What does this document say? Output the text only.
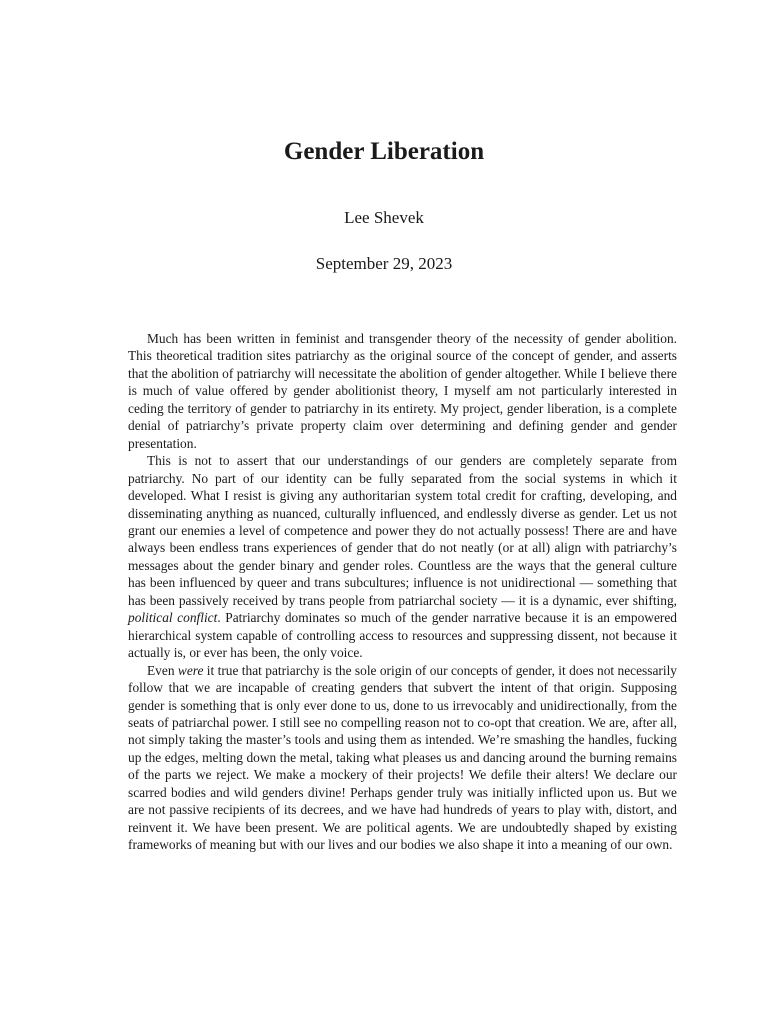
Gender Liberation
Lee Shevek
September 29, 2023

Much has been written in feminist and transgender theory of the necessity of gender abolition. This theoretical tradition sites patriarchy as the original source of the concept of gender, and asserts that the abolition of patriarchy will necessitate the abolition of gender altogether. While I believe there is much of value offered by gender abolitionist theory, I myself am not particularly interested in ceding the territory of gender to patriarchy in its entirety. My project, gender liberation, is a complete denial of patriarchy’s private property claim over determining and defining gender and gender presentation.

This is not to assert that our understandings of our genders are completely separate from patriarchy. No part of our identity can be fully separated from the social systems in which it developed. What I resist is giving any authoritarian system total credit for crafting, developing, and disseminating anything as nuanced, culturally influenced, and endlessly diverse as gender. Let us not grant our enemies a level of competence and power they do not actually possess! There are and have always been endless trans experiences of gender that do not neatly (or at all) align with patriarchy’s messages about the gender binary and gender roles. Countless are the ways that the general culture has been influenced by queer and trans subcultures; influence is not unidirectional — something that has been passively received by trans people from patriarchal society — it is a dynamic, ever shifting, political conflict. Patriarchy dominates so much of the gender narrative because it is an empowered hierarchical system capable of controlling access to resources and suppressing dissent, not because it actually is, or ever has been, the only voice.

Even were it true that patriarchy is the sole origin of our concepts of gender, it does not necessarily follow that we are incapable of creating genders that subvert the intent of that origin. Supposing gender is something that is only ever done to us, done to us irrevocably and unidirectionally, from the seats of patriarchal power. I still see no compelling reason not to co-opt that creation. We are, after all, not simply taking the master’s tools and using them as intended. We’re smashing the handles, fucking up the edges, melting down the metal, taking what pleases us and dancing around the burning remains of the parts we reject. We make a mockery of their projects! We defile their alters! We declare our scarred bodies and wild genders divine! Perhaps gender truly was initially inflicted upon us. But we are not passive recipients of its decrees, and we have had hundreds of years to play with, distort, and reinvent it. We have been present. We are political agents. We are undoubtedly shaped by existing frameworks of meaning but with our lives and our bodies we also shape it into a meaning of our own.
